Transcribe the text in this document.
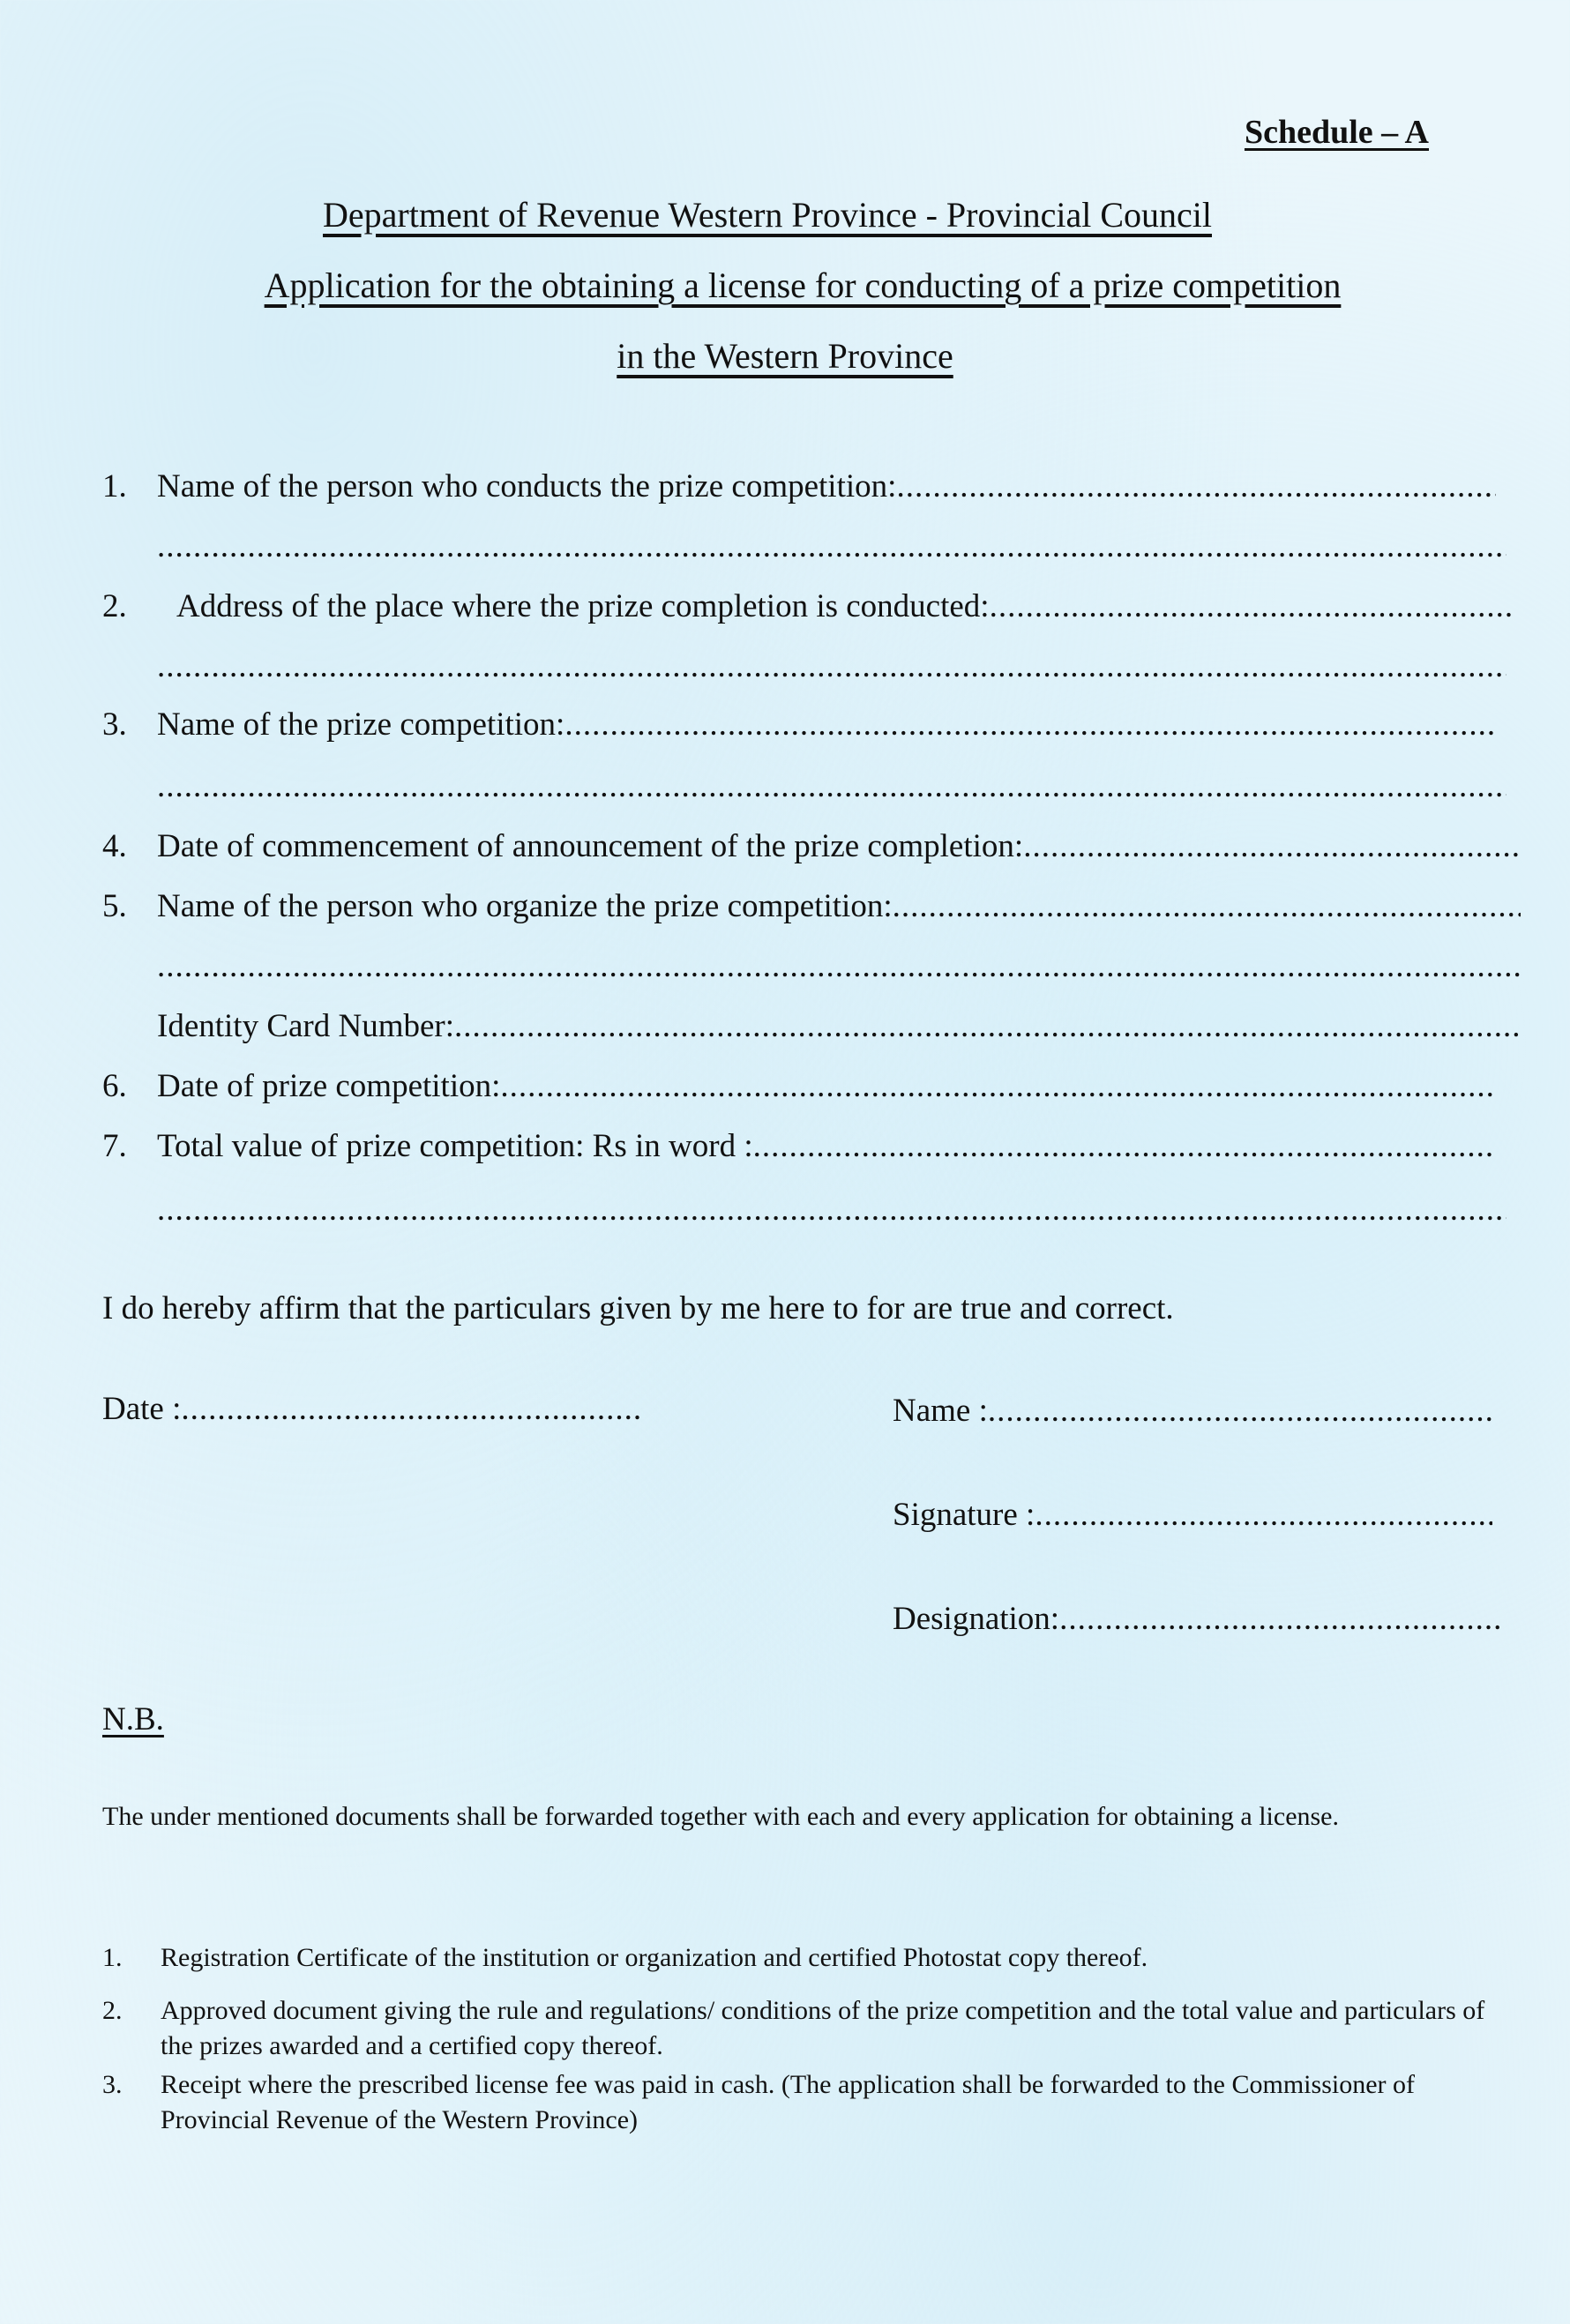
Schedule – A
Department of Revenue Western Province - Provincial Council
Application for the obtaining a license for conducting of a prize competition
in the Western Province
1. Name of the person who conducts the prize competition:
.....
.....
2.	Address of the place where the prize completion is conducted:
.....
.....
3. Name of the prize competition:
.....
.....
4. Date of commencement of announcement of the prize completion:
.....
5. Name of the person who organize the prize competition:
.....
.....
Identity Card Number:
.....
6. Date of prize competition:
.....
7. Total value of prize competition: Rs in word :
.....
.....
I do hereby affirm that the particulars given by me here to for are true and correct.
Date :
.....	Name :
.....
Signature :
.....
Designation:
.....
N.B.
The under mentioned documents shall be forwarded together with each and every application for obtaining a license.
1.	Registration Certificate of the institution or organization and certified Photostat copy thereof.
2.	Approved document giving the rule and regulations/ conditions of the prize competition and the total value and particulars of the prizes awarded and a certified copy thereof.
3.	Receipt where the prescribed license fee was paid in cash. (The application shall be forwarded to the Commissioner of Provincial Revenue of the Western Province)
